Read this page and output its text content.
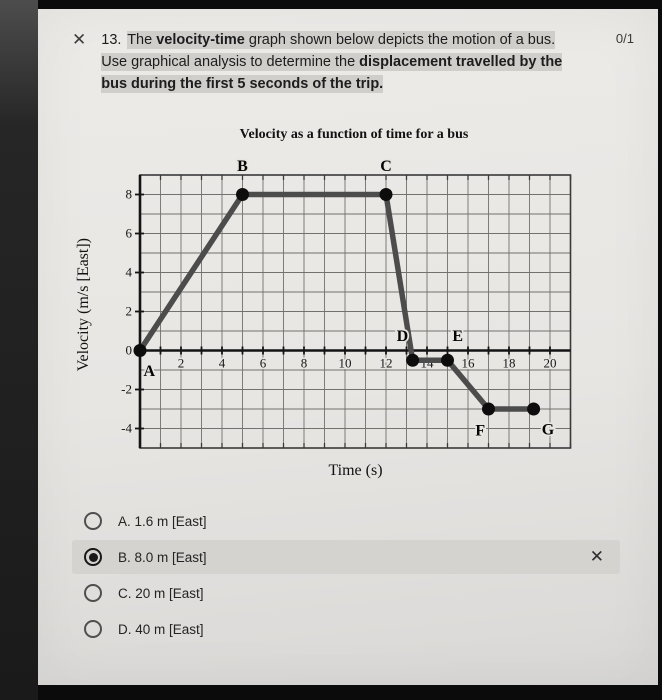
✕ 13. The velocity-time graph shown below depicts the motion of a bus. Use graphical analysis to determine the displacement travelled by the bus during the first 5 seconds of the trip.
0/1
Velocity as a function of time for a bus
Velocity (m/s [East])	2	4	6	8 10 12 14 16 18 20
8
6
4
2
0
-2
-4
A
B	C
D	E
F	G
Time (s)
A. 1.6 m [East]
B. 8.0 m [East]	✕
C. 20 m [East]
D. 40 m [East]
